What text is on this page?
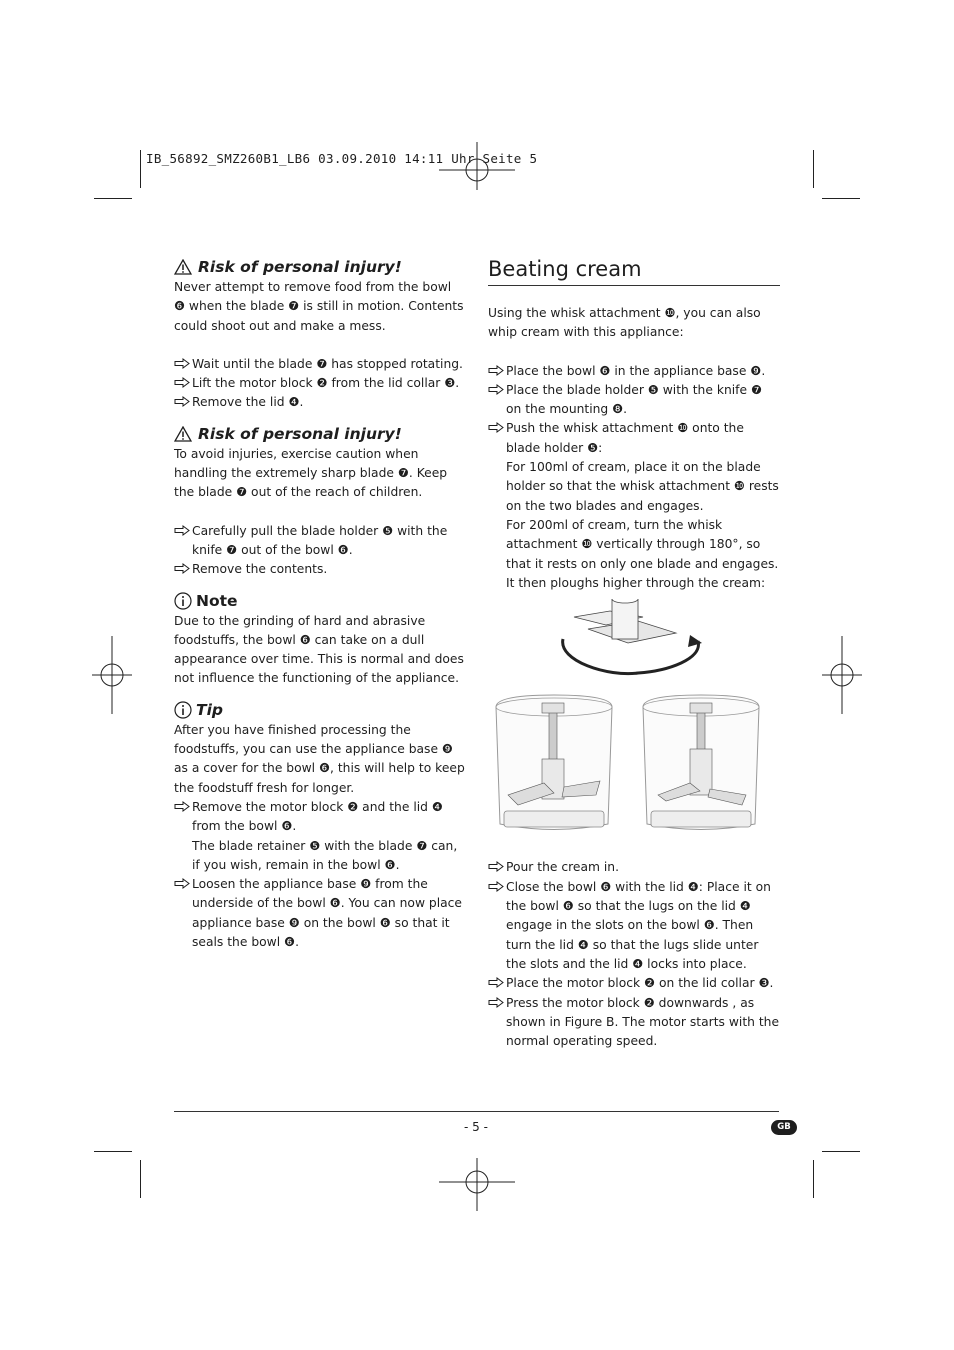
IB_56892_SMZ260B1_LB6 03.09.2010 14:11 Uhr Seite 5
Risk of personal injury!

Never attempt to remove food from the bowl ❻ when the blade ❼ is still in motion. Contents could shoot out and make a mess.

Wait until the blade ❼ has stopped rotating.
Lift the motor block ❷ from the lid collar ❸.
Remove the lid ❹.
Risk of personal injury!

To avoid injuries, exercise caution when handling the extremely sharp blade ❼. Keep the blade ❼ out of the reach of children.

Carefully pull the blade holder ❺ with the knife ❼ out of the bowl ❻.
Remove the contents.
Note

Due to the grinding of hard and abrasive foodstuffs, the bowl ❻ can take on a dull appearance over time. This is normal and does not influence the functioning of the appliance.

Tip

After you have finished processing the foodstuffs, you can use the appliance base ❾ as a cover for the bowl ❻, this will help to keep the foodstuff fresh for longer.

Remove the motor block ❷ and the lid ❹ from the bowl ❻.
The blade retainer ❺ with the blade ❼ can, if you wish, remain in the bowl ❻.
Loosen the appliance base ❾ from the underside of the bowl ❻. You can now place appliance base ❾ on the bowl ❻ so that it seals the bowl ❻.
Beating cream

Using the whisk attachment ❿, you can also whip cream with this appliance:

Place the bowl ❻ in the appliance base ❾.
Place the blade holder ❺ with the knife ❼ on the mounting ❽.
Push the whisk attachment ❿ onto the blade holder ❺:
For 100ml of cream, place it on the blade holder so that the whisk attachment ❿ rests on the two blades and engages.
For 200ml of cream, turn the whisk attachment ❿ vertically through 180°, so that it rests on only one blade and engages. It then ploughs higher through the cream:
Pour the cream in.
Close the bowl ❻ with the lid ❹: Place it on the bowl ❻ so that the lugs on the lid ❹ engage in the slots on the bowl ❻. Then turn the lid ❹ so that the lugs slide unter the slots and the lid ❹ locks into place.
Place the motor block ❷ on the lid collar ❸.
Press the motor block ❷ downwards , as shown in Figure B. The motor starts with the normal operating speed.
- 5 -	GB
